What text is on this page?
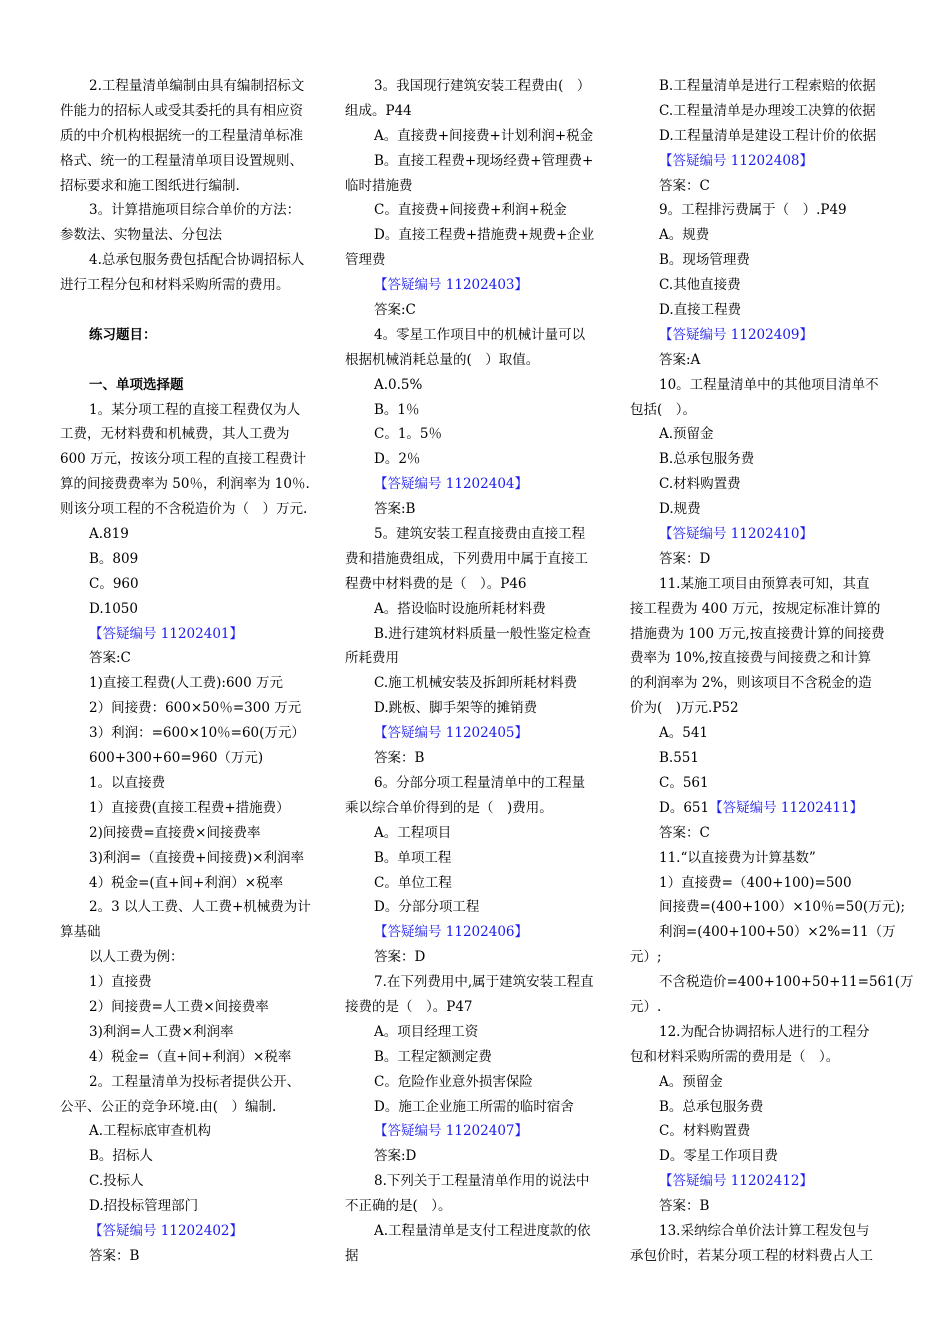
2.工程量清单编制由具有编制招标文
件能力的招标人或受其委托的具有相应资
质的中介机构根据统一的工程量清单标准
格式、统一的工程量清单项目设置规则、
招标要求和施工图纸进行编制.
3。计算措施项目综合单价的方法：
参数法、实物量法、分包法
4.总承包服务费包括配合协调招标人
进行工程分包和材料采购所需的费用。
练习题目：
一、单项选择题
1。某分项工程的直接工程费仅为人
工费，无材料费和机械费，其人工费为
600 万元，按该分项工程的直接工程费计
算的间接费费率为 50％，利润率为 10％.
则该分项工程的不含税造价为（　）万元.
A.819
B。809
C。960
D.1050
【答疑编号 11202401】
答案:C
1)直接工程费(人工费):600 万元
2）间接费：600×50％=300 万元
3）利润：=600×10％=60(万元）
600+300+60=960（万元)
1。以直接费
1）直接费(直接工程费+措施费）
2)间接费=直接费×间接费率
3)利润=（直接费+间接费)×利润率
4）税金=(直+间+利润）×税率
2。3 以人工费、人工费+机械费为计
算基础
以人工费为例：
1）直接费
2）间接费=人工费×间接费率
3)利润=人工费×利润率
4）税金=（直+间+利润）×税率
2。工程量清单为投标者提供公开、
公平、公正的竞争环境.由(　）编制.
A.工程标底审查机构
B。招标人
C.投标人
D.招投标管理部门
【答疑编号 11202402】
答案：B
3。我国现行建筑安装工程费由(　）
组成。P44
A。直接费+间接费+计划利润+税金
B。直接工程费+现场经费+管理费+
临时措施费
C。直接费+间接费+利润+税金
D。直接工程费+措施费+规费+企业
管理费
【答疑编号 11202403】
答案:C
4。零星工作项目中的机械计量可以
根据机械消耗总量的(　）取值。
A.0.5%
B。1％
C。1。5％
D。2％
【答疑编号 11202404】
答案:B
5。建筑安装工程直接费由直接工程
费和措施费组成，下列费用中属于直接工
程费中材料费的是（　）。P46
A。搭设临时设施所耗材料费
B.进行建筑材料质量一般性鉴定检查
所耗费用
C.施工机械安装及拆卸所耗材料费
D.跳板、脚手架等的摊销费
【答疑编号 11202405】
答案：B
6。分部分项工程量清单中的工程量
乘以综合单价得到的是（　)费用。
A。工程项目
B。单项工程
C。单位工程
D。分部分项工程
【答疑编号 11202406】
答案：D
7.在下列费用中,属于建筑安装工程直
接费的是（　）。P47
A。项目经理工资
B。工程定额测定费
C。危险作业意外损害保险
D。施工企业施工所需的临时宿舍
【答疑编号 11202407】
答案:D
8.下列关于工程量清单作用的说法中
不正确的是(　）。
A.工程量清单是支付工程进度款的依
据
B.工程量清单是进行工程索赔的依据
C.工程量清单是办理竣工决算的依据
D.工程量清单是建设工程计价的依据
【答疑编号 11202408】
答案：C
9。工程排污费属于（　）.P49
A。规费
B。现场管理费
C.其他直接费
D.直接工程费
【答疑编号 11202409】
答案:A
10。工程量清单中的其他项目清单不
包括(　）。
A.预留金
B.总承包服务费
C.材料购置费
D.规费
【答疑编号 11202410】
答案：D
11.某施工项目由预算表可知，其直
接工程费为 400 万元，按规定标准计算的
措施费为 100 万元,按直接费计算的间接费
费率为 10%,按直接费与间接费之和计算
的利润率为 2%，则该项目不含税金的造
价为(　)万元.P52
A。541
B.551
C。561
D。651【答疑编号 11202411】
答案：C
11.“以直接费为计算基数”
1）直接费=（400+100)=500
间接费=(400+100）×10％=50(万元);
利润=(400+100+50）×2%=11（万
元）;
不含税造价=400+100+50+11=561(万
元）.
12.为配合协调招标人进行的工程分
包和材料采购所需的费用是（　）。
A。预留金
B。总承包服务费
C。材料购置费
D。零星工作项目费
【答疑编号 11202412】
答案：B
13.采纳综合单价法计算工程发包与
承包价时，若某分项工程的材料费占人工
